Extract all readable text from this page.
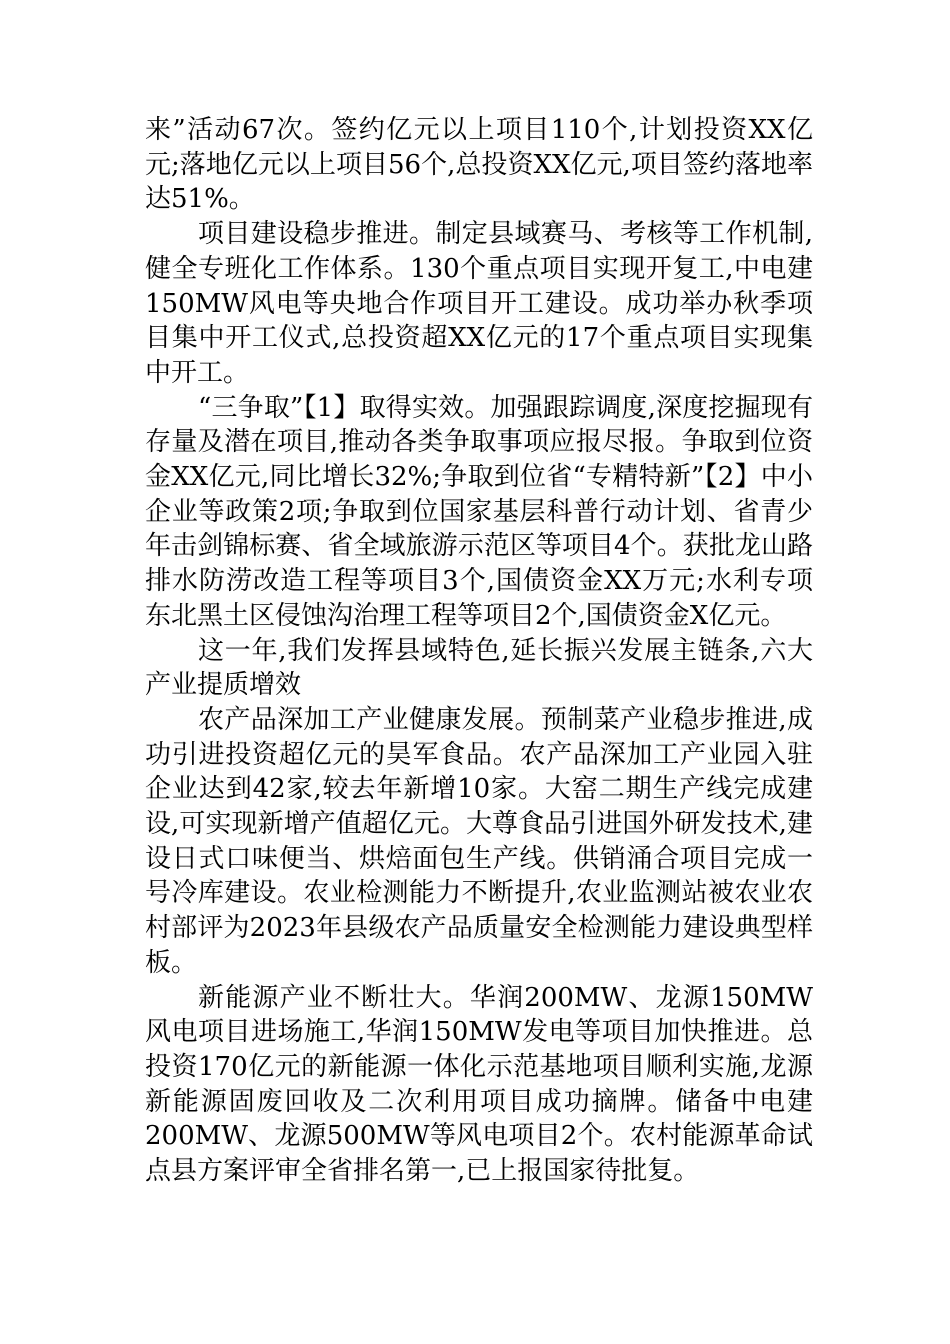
来”活动67次。签约亿元以上项目110个,计划投资XX亿元;落地亿元以上项目56个,总投资XX亿元,项目签约落地率达51%。

项目建设稳步推进。制定县域赛马、考核等工作机制,健全专班化工作体系。130个重点项目实现开复工,中电建150MW风电等央地合作项目开工建设。成功举办秋季项目集中开工仪式,总投资超XX亿元的17个重点项目实现集中开工。

“三争取”【1】取得实效。加强跟踪调度,深度挖掘现有存量及潜在项目,推动各类争取事项应报尽报。争取到位资金XX亿元,同比增长32%;争取到位省“专精特新”【2】中小企业等政策2项;争取到位国家基层科普行动计划、省青少年击剑锦标赛、省全域旅游示范区等项目4个。获批龙山路排水防涝改造工程等项目3个,国债资金XX万元;水利专项东北黑土区侵蚀沟治理工程等项目2个,国债资金X亿元。

这一年,我们发挥县域特色,延长振兴发展主链条,六大产业提质增效

农产品深加工产业健康发展。预制菜产业稳步推进,成功引进投资超亿元的昊军食品。农产品深加工产业园入驻企业达到42家,较去年新增10家。大窑二期生产线完成建设,可实现新增产值超亿元。大尊食品引进国外研发技术,建设日式口味便当、烘焙面包生产线。供销涌合项目完成一号冷库建设。农业检测能力不断提升,农业监测站被农业农村部评为2023年县级农产品质量安全检测能力建设典型样板。

新能源产业不断壮大。华润200MW、龙源150MW风电项目进场施工,华润150MW发电等项目加快推进。总投资170亿元的新能源一体化示范基地项目顺利实施,龙源新能源固废回收及二次利用项目成功摘牌。储备中电建200MW、龙源500MW等风电项目2个。农村能源革命试点县方案评审全省排名第一,已上报国家待批复。
